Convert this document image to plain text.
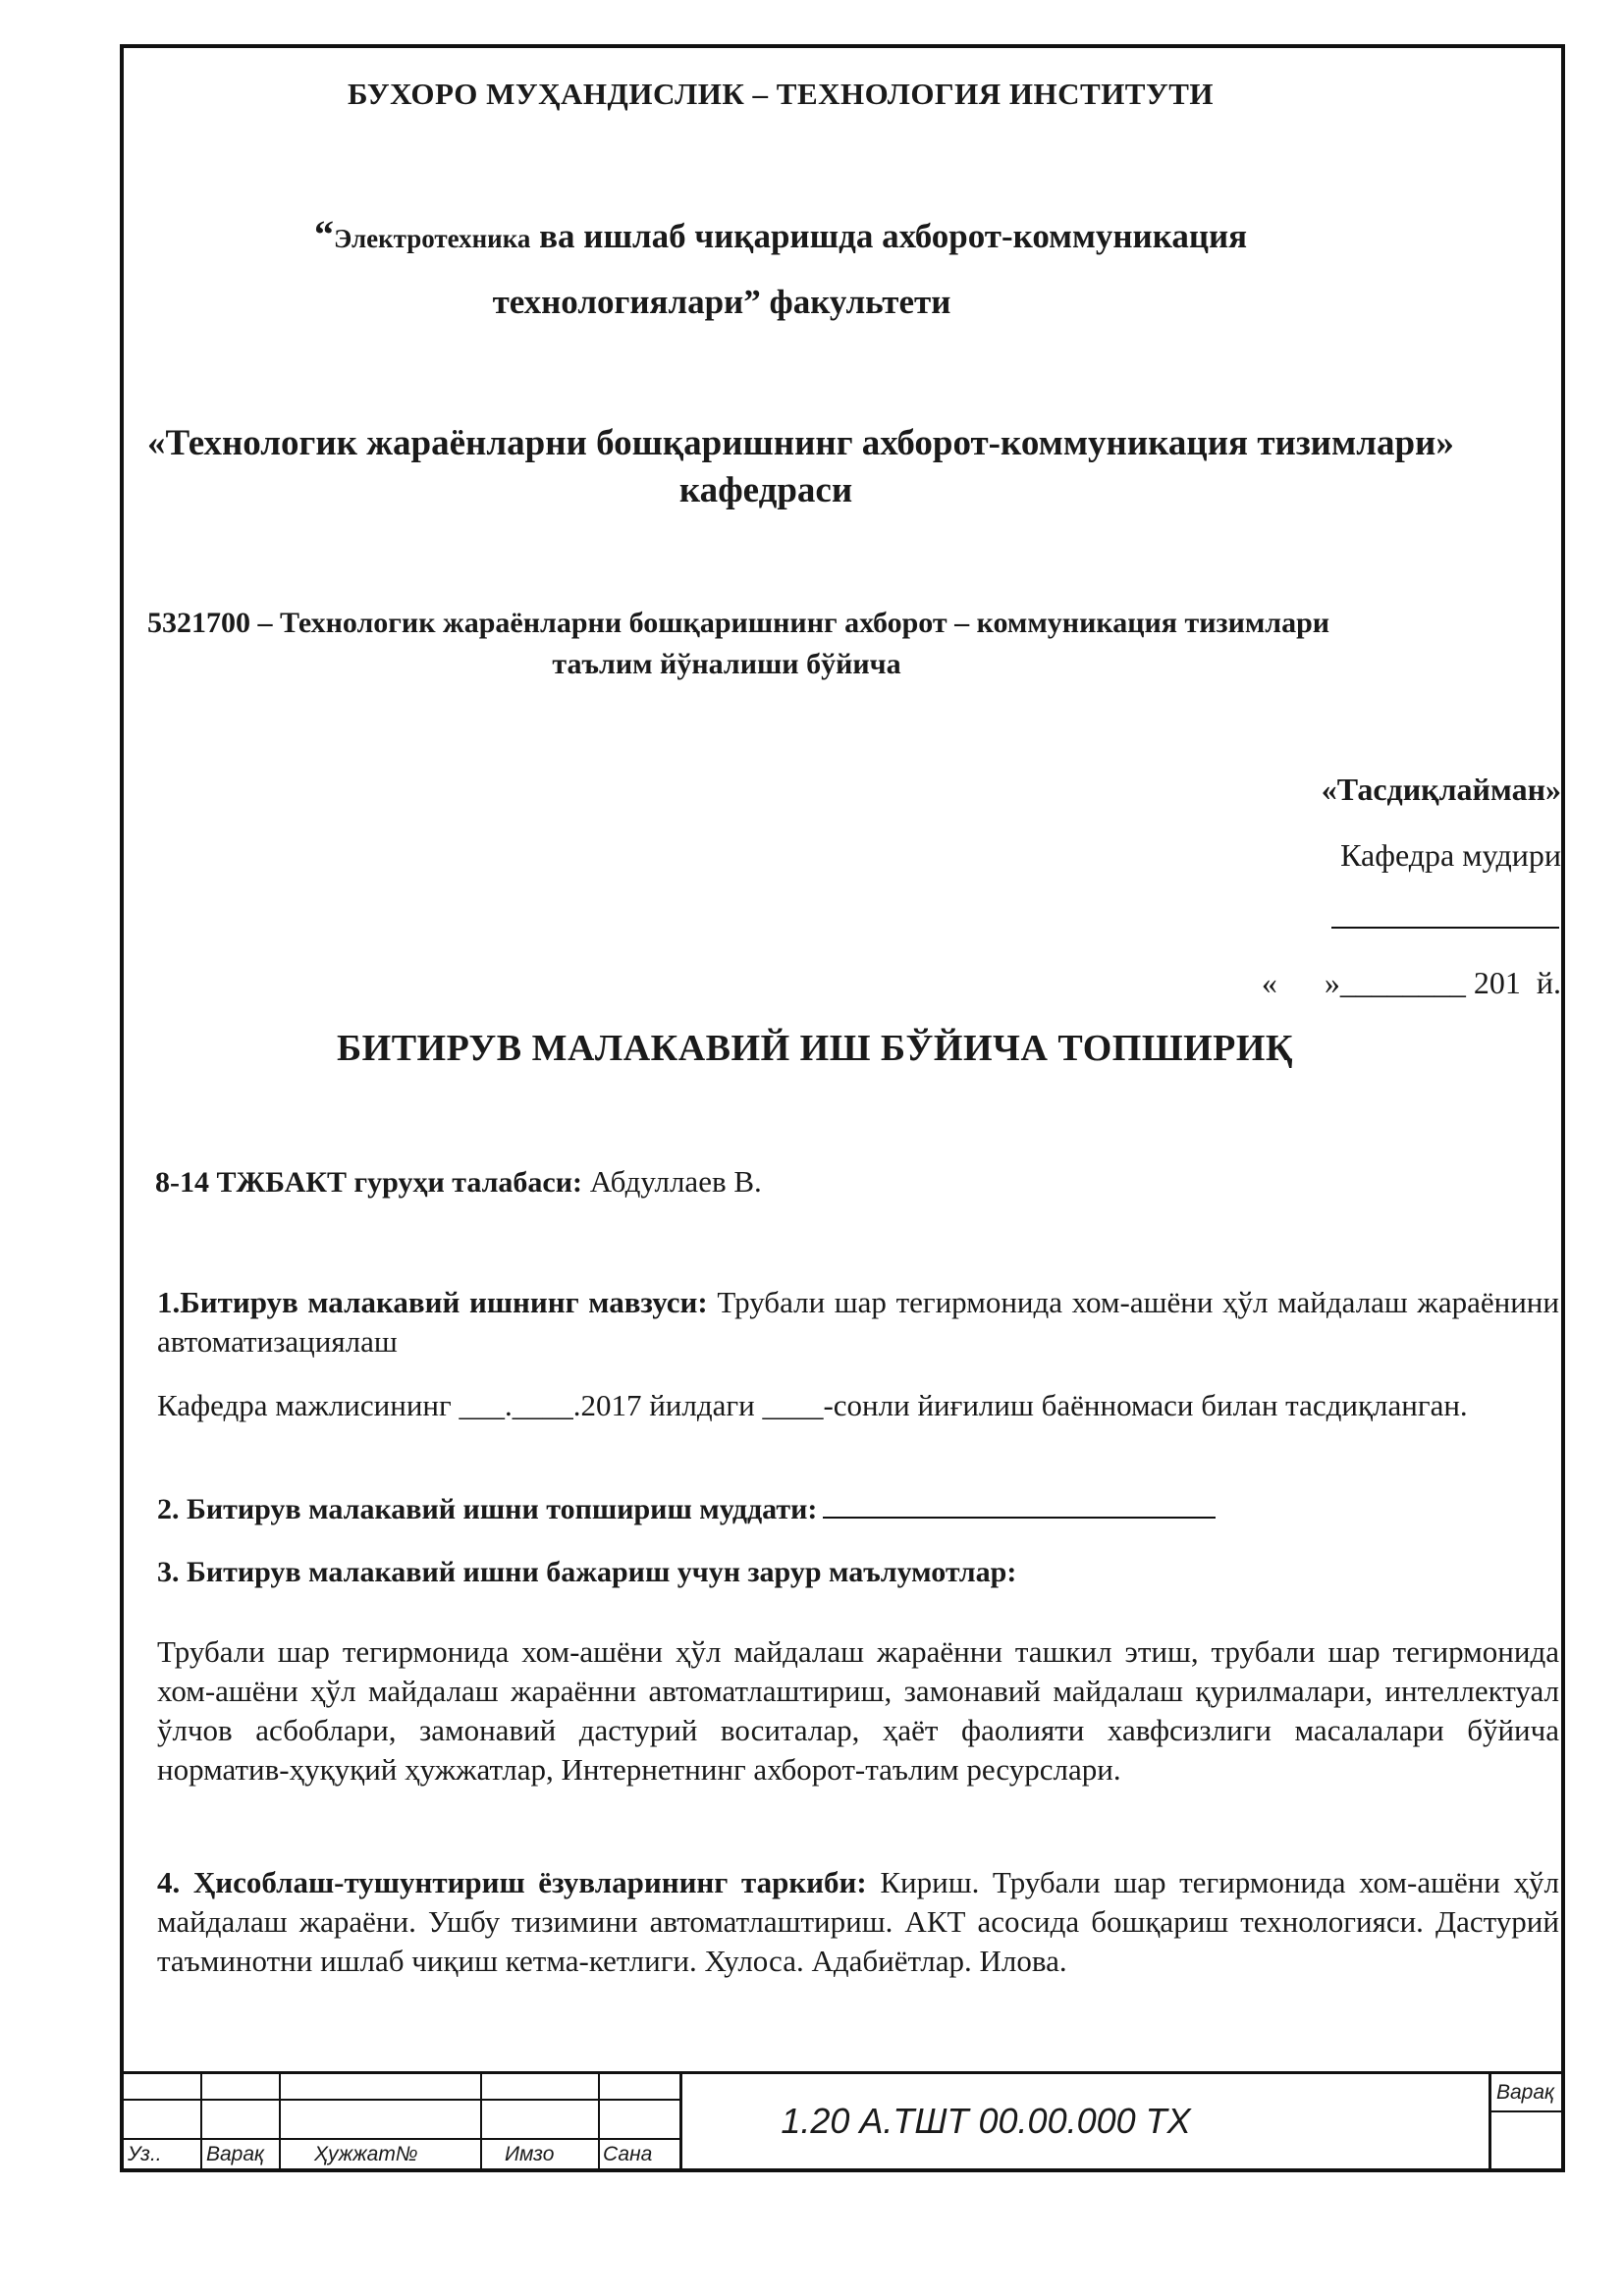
БУХОРО МУҲАНДИСЛИК – ТЕХНОЛОГИЯ ИНСТИТУТИ
“Электротехника ва ишлаб чиқаришда ахборот-коммуникация
технологиялари” факультети
«Технологик жараёнларни бошқаришнинг ахборот-коммуникация тизимлари»
кафедраси
5321700 – Технологик жараёнларни бошқаришнинг ахборот – коммуникация тизимлари
таълим йўналиши бўйича
«Тасдиқлайман»
Кафедра мудири
«      »________ 201  й.
БИТИРУВ МАЛАКАВИЙ ИШ БЎЙИЧА ТОПШИРИҚ
8-14 ТЖБАКТ гуруҳи талабаси: Абдуллаев В.
1.Битирув малакавий ишнинг мавзуси: Трубали шар тегирмонида хом-ашёни ҳўл майдалаш жараёнини автоматизациялаш
Кафедра мажлисининг ___.____.2017 йилдаги ____-сонли йиғилиш баённомаси билан тасдиқланган.
2. Битирув малакавий ишни топшириш муддати:
3. Битирув малакавий ишни бажариш учун зарур маълумотлар:
Трубали шар тегирмонида хом-ашёни ҳўл майдалаш жараённи ташкил этиш, трубали шар тегирмонида хом-ашёни ҳўл майдалаш жараённи автоматлаштириш, замонавий майдалаш қурилмалари, интеллектуал ўлчов асбоблари, замонавий дастурий воситалар, ҳаёт фаолияти хавфсизлиги масалалари бўйича норматив-ҳуқуқий ҳужжатлар, Интернетнинг ахборот-таълим ресурслари.
4. Ҳисоблаш-тушунтириш ёзувларининг таркиби: Кириш. Трубали шар тегирмонида хом-ашёни ҳўл майдалаш жараёни. Ушбу тизимини автоматлаштириш. АКТ асосида бошқариш технологияси. Дастурий таъминотни ишлаб чиқиш кетма-кетлиги. Хулоса. Адабиётлар. Илова.
Уз.. Варақ Ҳужжат№	Имзо Сана
1.20 А.ТШТ 00.00.000 ТХ
Варақ
